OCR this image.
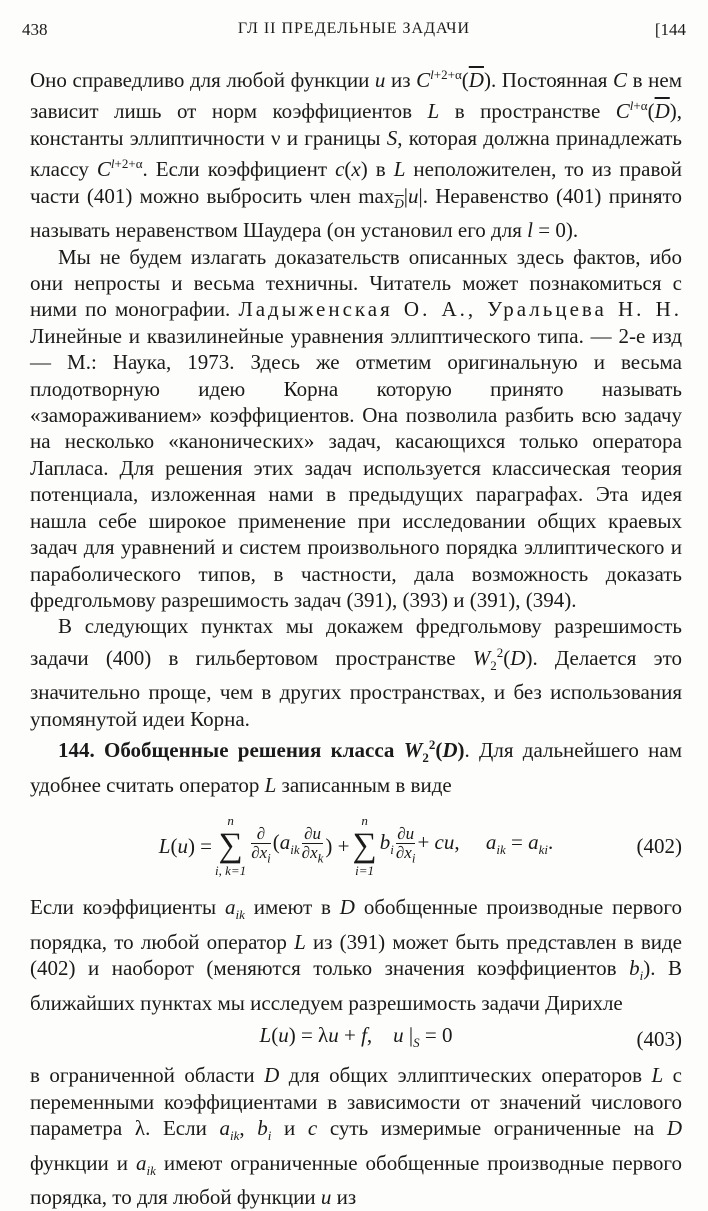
438	ГЛ II ПРЕДЕЛЬНЫЕ ЗАДАЧИ	[144

Оно справедливо для любой функции u из $C^{l+2+\alpha}(\overline{D})$. Постоянная C в нем зависит лишь от норм коэффициентов L в пространстве $C^{l+\alpha}(\overline{D})$, константы эллиптичности ν и границы S, которая должна принадлежать классу $C^{l+2+\alpha}$. Если коэффициент c(x) в L неположителен, то из правой части (401) можно выбросить член $\max_{\overline{D}}|u|$. Неравенство (401) принято называть неравенством Шаудера (он установил его для l = 0).

Мы не будем излагать доказательств описанных здесь фактов, ибо они непросты и весьма техничны. Читатель может познакомиться с ними по монографии. Ладыженская О. А., Уральцева Н. Н. Линейные и квазилинейные уравнения эллиптического типа. — 2-е изд — М.: Наука, 1973. Здесь же отметим оригинальную и весьма плодотворную идею Корна которую принято называть «замораживанием» коэффициентов. Она позволила разбить всю задачу на несколько «канонических» задач, касающихся только оператора Лапласа. Для решения этих задач используется классическая теория потенциала, изложенная нами в предыдущих параграфах. Эта идея нашла себе широкое применение при исследовании общих краевых задач для уравнений и систем произвольного порядка эллиптического и параболического типов, в частности, дала возможность доказать фредгольмову разрешимость задач (391), (393) и (391), (394).

В следующих пунктах мы докажем фредгольмову разрешимость задачи (400) в гильбертовом пространстве $W_2^2(D)$. Делается это значительно проще, чем в других пространствах, и без использования упомянутой идеи Корна.

144. Обобщенные решения класса $W_2^2(D)$. Для дальнейшего нам удобнее считать оператор L записанным в виде

L(u) =
n
∑
i, k=1
$\frac{\partial}{\partial x_i} (a_{ik} \frac{\partial u}{\partial x_k}$ ) +
n
∑
i=1
$b_i \frac{\partial u}{\partial x_i}$ + cu,     $a_{ik} = a_{ki}$.	(402)

Если коэффициенты $a_{ik}$ имеют в D обобщенные производные первого порядка, то любой оператор L из (391) может быть представлен в виде (402) и наоборот (меняются только значения коэффициентов $b_i$). В ближайших пунктах мы исследуем разрешимость задачи Дирихле

L(u) = λu + f,    u $|_S = 0$	(403)

в ограниченной области D для общих эллиптических операторов L с переменными коэффициентами в зависимости от значений числового параметра λ. Если $a_{ik}$, $b_i$ и c суть измеримые ограниченные на D функции и $a_{ik}$ имеют ограниченные обобщенные производные первого порядка, то для любой функции u из
